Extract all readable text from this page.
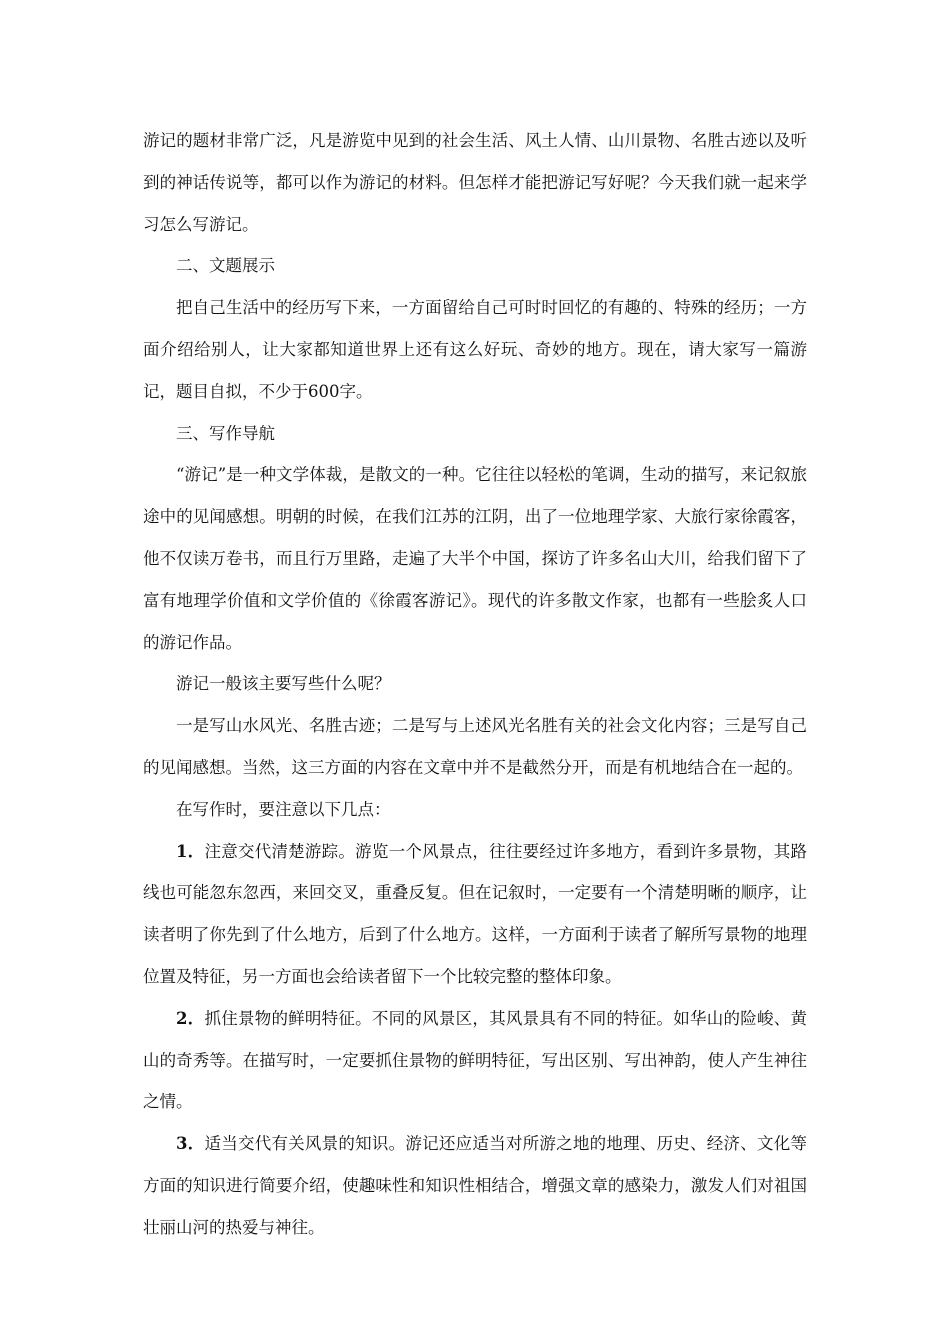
游记的题材非常广泛，凡是游览中见到的社会生活、风土人情、山川景物、名胜古迹以及听到的神话传说等，都可以作为游记的材料。但怎样才能把游记写好呢？今天我们就一起来学习怎么写游记。

二、文题展示

把自己生活中的经历写下来，一方面留给自己可时时回忆的有趣的、特殊的经历；一方面介绍给别人，让大家都知道世界上还有这么好玩、奇妙的地方。现在，请大家写一篇游记，题目自拟，不少于600字。

三、写作导航

“游记”是一种文学体裁，是散文的一种。它往往以轻松的笔调，生动的描写，来记叙旅途中的见闻感想。明朝的时候，在我们江苏的江阴，出了一位地理学家、大旅行家徐霞客，他不仅读万卷书，而且行万里路，走遍了大半个中国，探访了许多名山大川，给我们留下了富有地理学价值和文学价值的《徐霞客游记》。现代的许多散文作家，也都有一些脍炙人口的游记作品。

游记一般该主要写些什么呢？

一是写山水风光、名胜古迹；二是写与上述风光名胜有关的社会文化内容；三是写自己的见闻感想。当然，这三方面的内容在文章中并不是截然分开，而是有机地结合在一起的。

在写作时，要注意以下几点：

1．注意交代清楚游踪。游览一个风景点，往往要经过许多地方，看到许多景物，其路线也可能忽东忽西，来回交叉，重叠反复。但在记叙时，一定要有一个清楚明晰的顺序，让读者明了你先到了什么地方，后到了什么地方。这样，一方面利于读者了解所写景物的地理位置及特征，另一方面也会给读者留下一个比较完整的整体印象。

2．抓住景物的鲜明特征。不同的风景区，其风景具有不同的特征。如华山的险峻、黄山的奇秀等。在描写时，一定要抓住景物的鲜明特征，写出区别、写出神韵，使人产生神往之情。

3．适当交代有关风景的知识。游记还应适当对所游之地的地理、历史、经济、文化等方面的知识进行简要介绍，使趣味性和知识性相结合，增强文章的感染力，激发人们对祖国壮丽山河的热爱与神往。
